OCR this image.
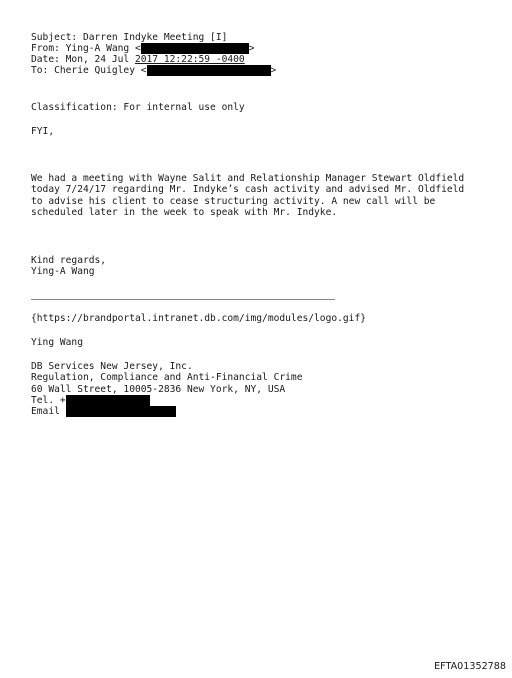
Subject: Darren Indyke Meeting [I]
From: Ying-A Wang <	>
Date: Mon, 24 Jul 2017 12:22:59 -0400
To: Cherie Quigley <	>
Classification: For internal use only
FYI,
We had a meeting with Wayne Salit and Relationship Manager Stewart Oldfield
today 7/24/17 regarding Mr. Indyke’s cash activity and advised Mr. Oldfield
to advise his client to cease structuring activity. A new call will be
scheduled later in the week to speak with Mr. Indyke.
Kind regards,
Ying-A Wang
{https://brandportal.intranet.db.com/img/modules/logo.gif}
Ying Wang
DB Services New Jersey, Inc.
Regulation, Compliance and Anti-Financial Crime
60 Wall Street, 10005-2836 New York, NY, USA
Tel. +
Email
EFTA01352788
